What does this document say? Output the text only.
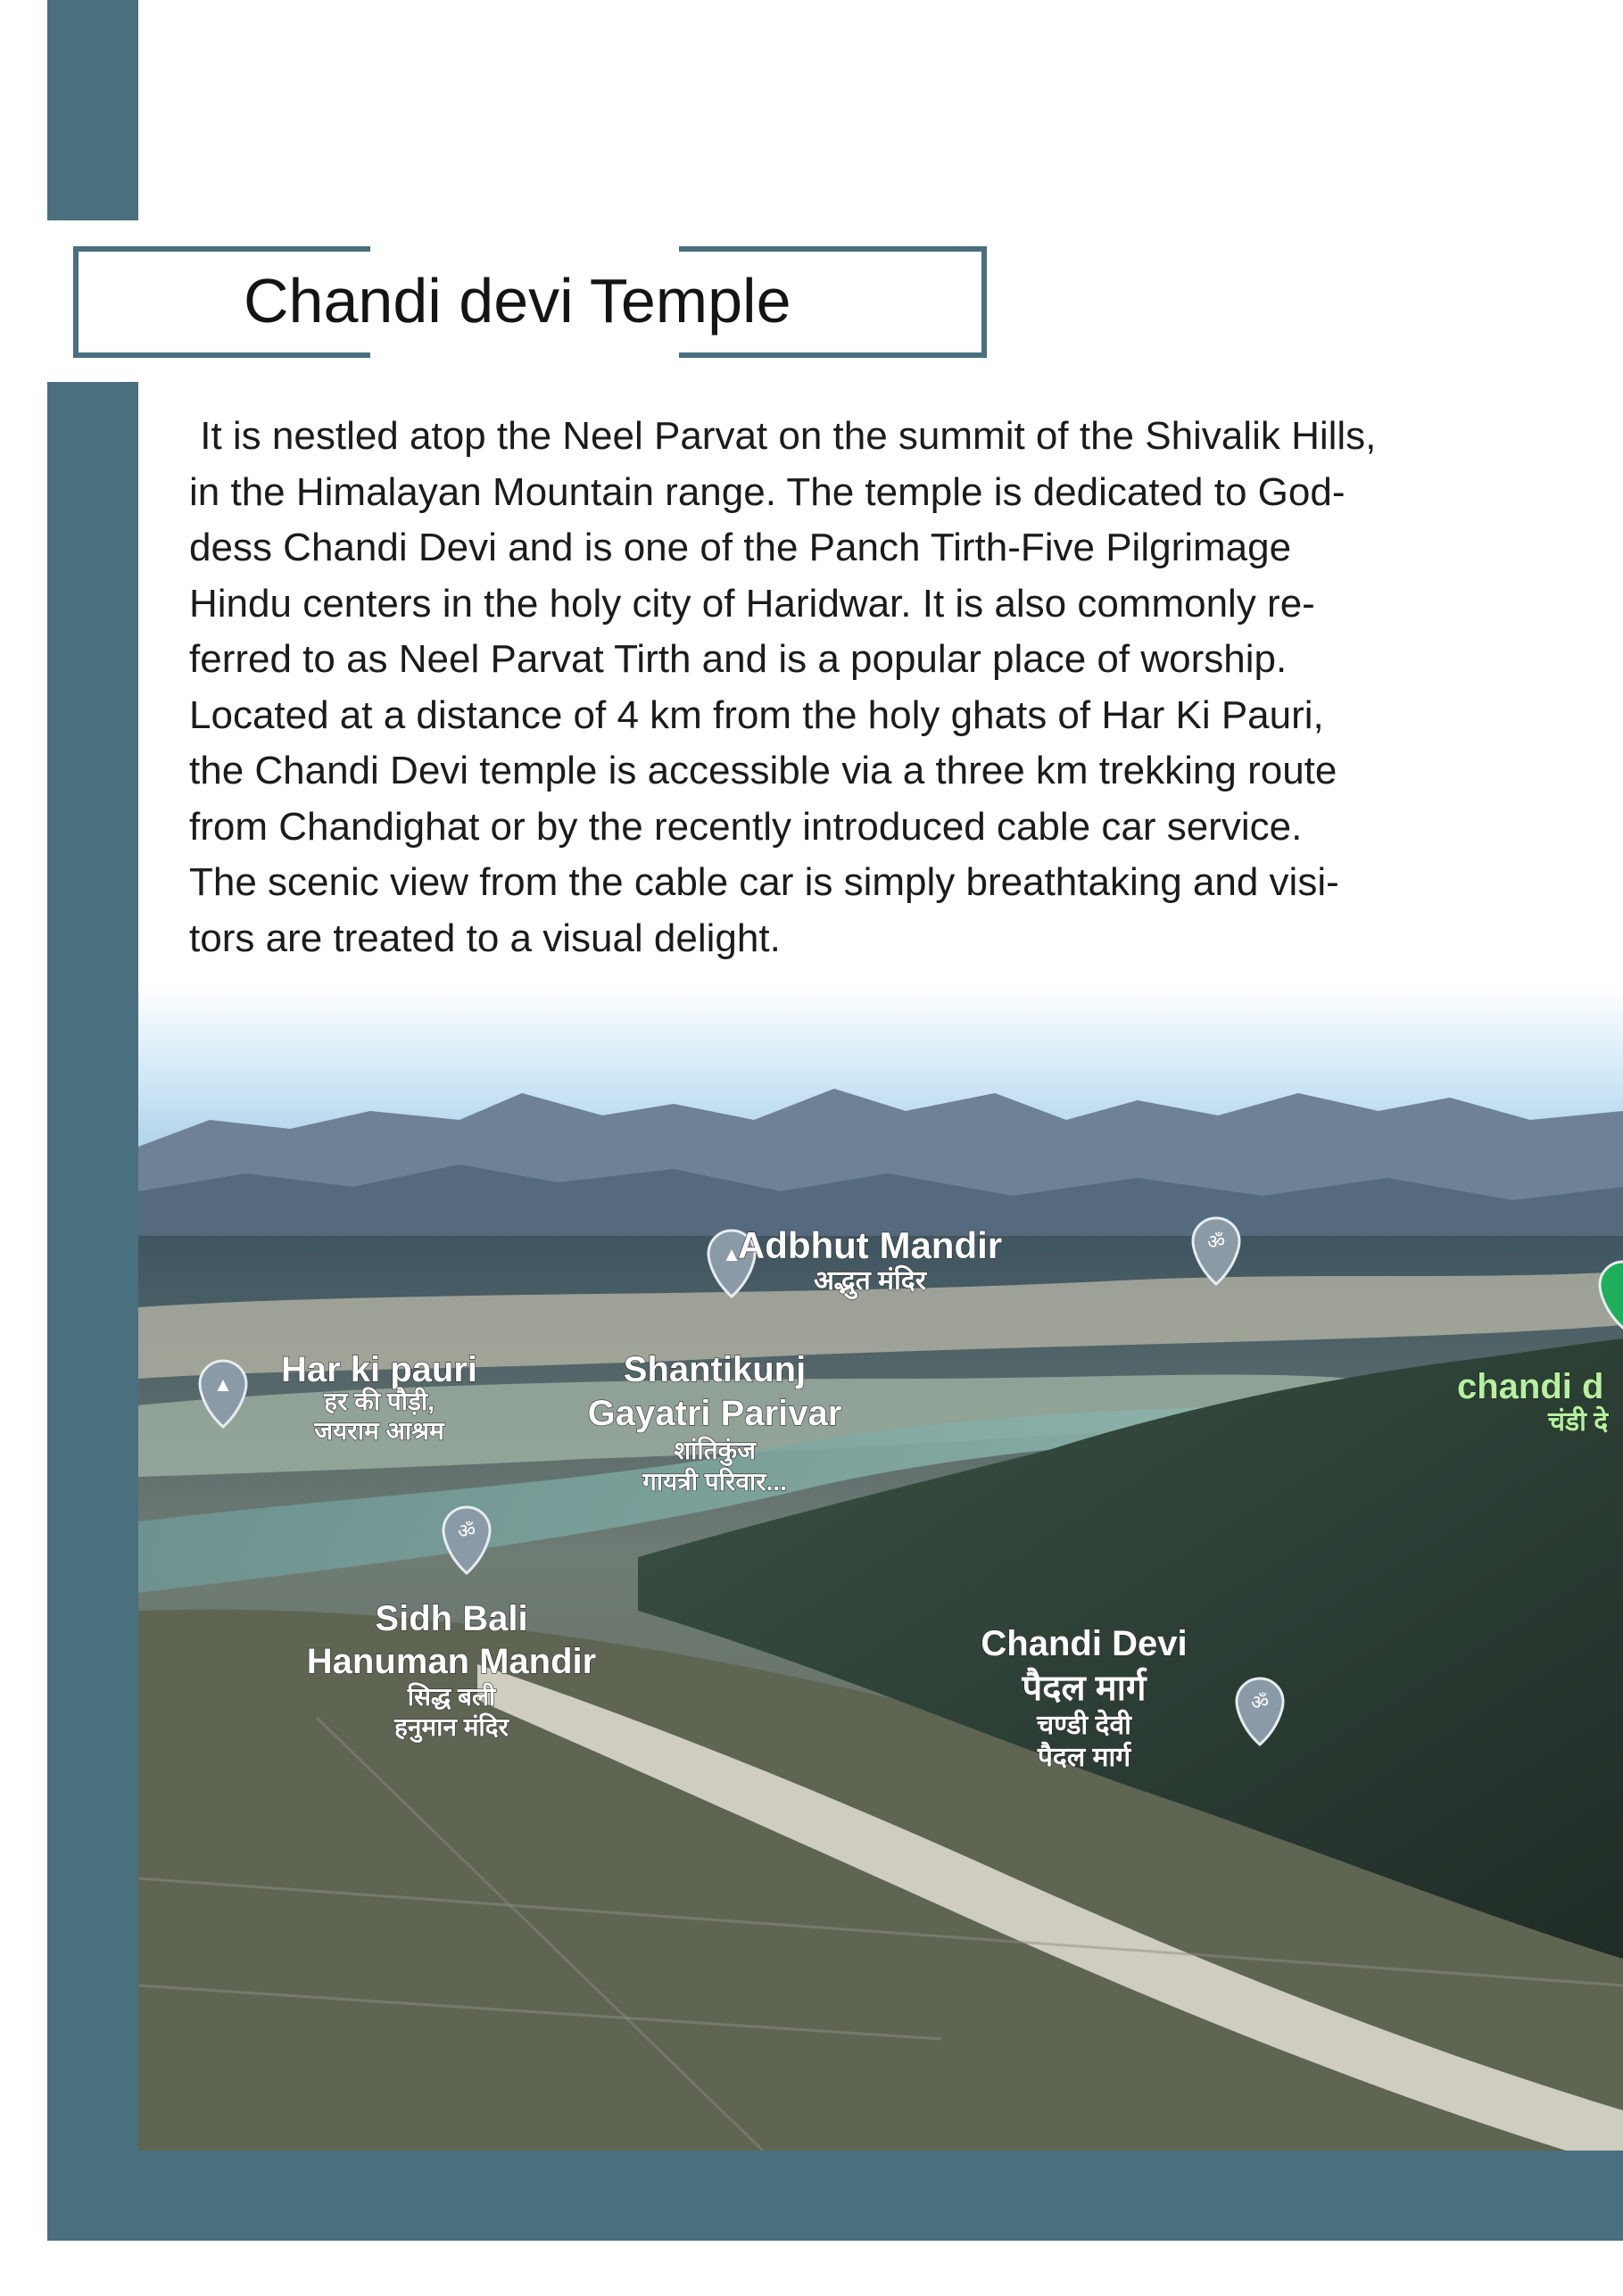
Chandi devi Temple
It is nestled atop the Neel Parvat on the summit of the Shivalik Hills,
in the Himalayan Mountain range. The temple is dedicated to God-
dess Chandi Devi and is one of the Panch Tirth-Five Pilgrimage
Hindu centers in the holy city of Haridwar. It is also commonly re-
ferred to as Neel Parvat Tirth and is a popular place of worship.
Located at a distance of 4 km from the holy ghats of Har Ki Pauri,
the Chandi Devi temple is accessible via a three km trekking route
from Chandighat or by the recently introduced cable car service.
The scenic view from the cable car is simply breathtaking and visi-
tors are treated to a visual delight.
▲
ॐ
▲
ॐ
ॐ
Adbhut Mandir
अद्भुत मंदिर
Har ki pauri
हर की पौड़ी,
जयराम आश्रम
Shantikunj
Gayatri Parivar
शांतिकुंज
गायत्री परिवार...
Sidh Bali
Hanuman Mandir
सिद्ध बली
हनुमान मंदिर
Chandi Devi
पैदल मार्ग
चण्डी देवी
पैदल मार्ग
chandi d
चंडी दे
